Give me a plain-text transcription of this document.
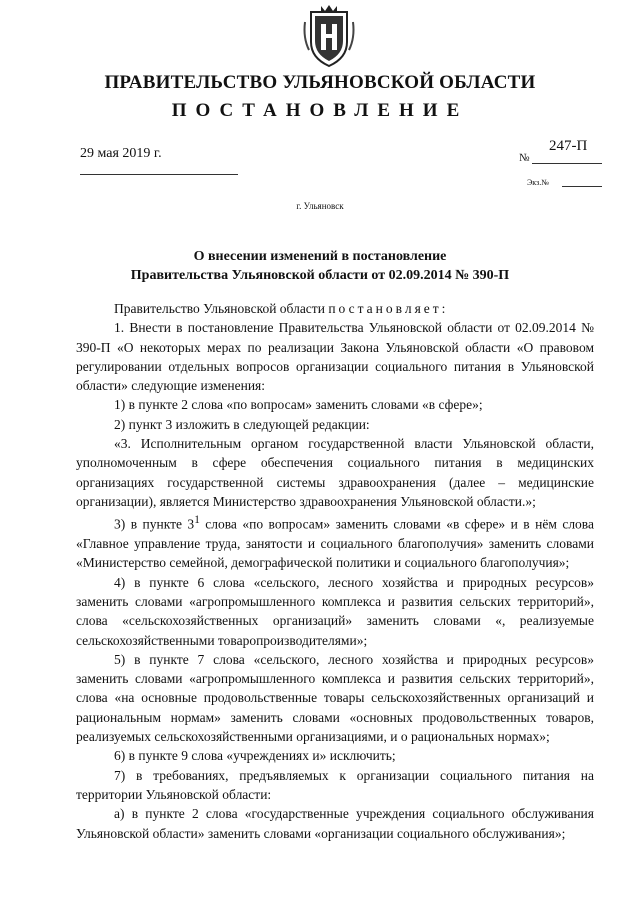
ПРАВИТЕЛЬСТВО УЛЬЯНОВСКОЙ ОБЛАСТИ
ПОСТАНОВЛЕНИЕ
29 мая 2019 г.	№
247-П
Экз.№
г. Ульяновск
О внесении изменений в постановление
Правительства Ульяновской области от 02.09.2014 № 390-П

Правительство Ульяновской области постановляет:

1. Внести в постановление Правительства Ульяновской области от 02.09.2014 № 390-П «О некоторых мерах по реализации Закона Ульяновской области «О правовом регулировании отдельных вопросов организации социального питания в Ульяновской области» следующие изменения:

1) в пункте 2 слова «по вопросам» заменить словами «в сфере»;

2) пункт 3 изложить в следующей редакции:

«3. Исполнительным органом государственной власти Ульяновской области, уполномоченным в сфере обеспечения социального питания в медицинских организациях государственной системы здравоохранения (далее – медицинские организации), является Министерство здравоохранения Ульяновской области.»;

3) в пункте $3^1$ слова «по вопросам» заменить словами «в сфере» и в нём слова «Главное управление труда, занятости и социального благополучия» заменить словами «Министерство семейной, демографической политики и социального благополучия»;

4) в пункте 6 слова «сельского, лесного хозяйства и природных ресурсов» заменить словами «агропромышленного комплекса и развития сельских территорий», слова «сельскохозяйственных организаций» заменить словами «, реализуемые сельскохозяйственными товаропроизводителями»;

5) в пункте 7 слова «сельского, лесного хозяйства и природных ресурсов» заменить словами «агропромышленного комплекса и развития сельских территорий», слова «на основные продовольственные товары сельскохозяйственных организаций и рациональным нормам» заменить словами «основных продовольственных товаров, реализуемых сельскохозяйственными организациями, и о рациональных нормах»;

6) в пункте 9 слова «учреждениях и» исключить;

7) в требованиях, предъявляемых к организации социального питания на территории Ульяновской области:

а) в пункте 2 слова «государственные учреждения социального обслуживания Ульяновской области» заменить словами «организации социального обслуживания»;
